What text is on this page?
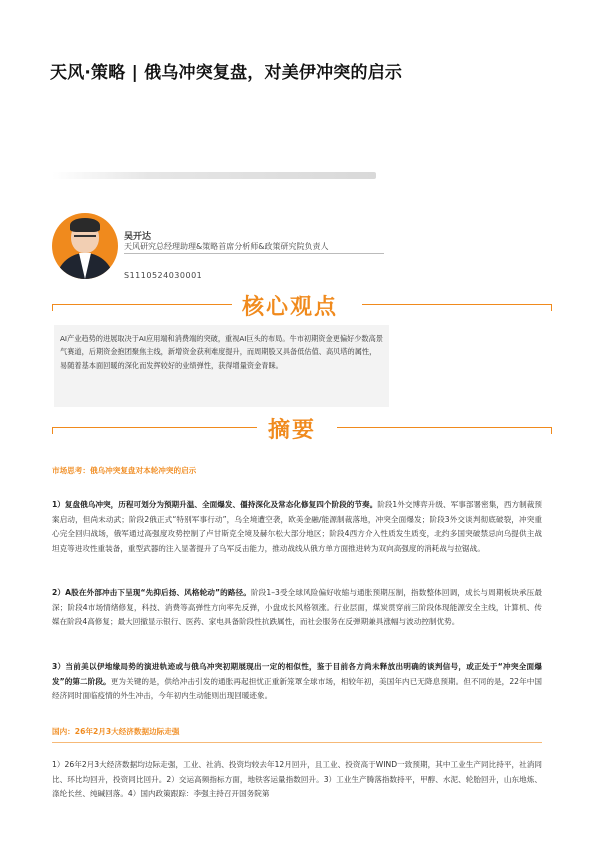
天风·策略 | 俄乌冲突复盘，对美伊冲突的启示
吴开达
天风研究总经理助理&策略首席分析师&政策研究院负责人
S1110524030001
核心观点
AI产业趋势的进展取决于AI应用端和消费端的突破，重视AI巨头的布局。牛市初期资金更偏好少数高景气赛道，后期资金抱团聚焦主线，新增资金获利难度提升，而周期股又具备低估值、高贝塔的属性，易随着基本面回暖的深化而发挥较好的业绩弹性，获得增量资金青睐。
摘要
市场思考：俄乌冲突复盘对本轮冲突的启示
1）复盘俄乌冲突，历程可划分为预期升温、全面爆发、僵持深化及常态化修复四个阶段的节奏。阶段1外交博弈升级、军事部署密集，西方制裁预案启动，但尚未动武；阶段2俄正式“特别军事行动”，乌全境遭空袭，欧美金融/能源制裁落地，冲突全面爆发；阶段3外交谈判彻底破裂，冲突重心完全回归战场，俄军通过高强度攻势控制了卢甘斯克全境及赫尔松大部分地区；阶段4西方介入性质发生质变，北约多国突破禁忌向乌提供主战坦克等进攻性重装备，重型武器的注入显著提升了乌军反击能力，推动战线从俄方单方面推进转为双向高强度的消耗战与拉锯战。
2）A股在外部冲击下呈现“先抑后扬、风格轮动”的路径。阶段1–3受全球风险偏好收缩与通胀预期压制，指数整体回调，成长与周期板块承压最深；阶段4市场情绪修复，科技、消费等高弹性方向率先反弹，小盘成长风格领涨。行业层面，煤炭贯穿前三阶段体现能源安全主线，计算机、传媒在阶段4高修复；最大回撤显示银行、医药、家电具备阶段性抗跌属性，而社会服务在反弹期兼具涨幅与波动控制优势。
3）当前美以伊地缘局势的演进轨迹或与俄乌冲突初期展现出一定的相似性，鉴于目前各方尚未释放出明确的谈判信号，或正处于“冲突全面爆发”的第二阶段。更为关键的是，供给冲击引发的通胀再起担忧正重新笼罩全球市场，相较年初，美国年内已无降息预期。但不同的是，22年中国经济同时面临疫情的外生冲击，今年初内生动能则出现回暖迹象。
国内：26年2月3大经济数据边际走强
1）26年2月3大经济数据均边际走强，工业、社消、投资均较去年12月回升，且工业、投资高于WIND一致预期，其中工业生产同比持平，社消同比、环比均回升，投资同比回升。2）交运高频指标方面，地铁客运量指数回升。3）工业生产腾落指数持平，甲醇、水泥、轮胎回升，山东地炼、涤纶长丝、纯碱回落。4）国内政策跟踪：李强主持召开国务院第
